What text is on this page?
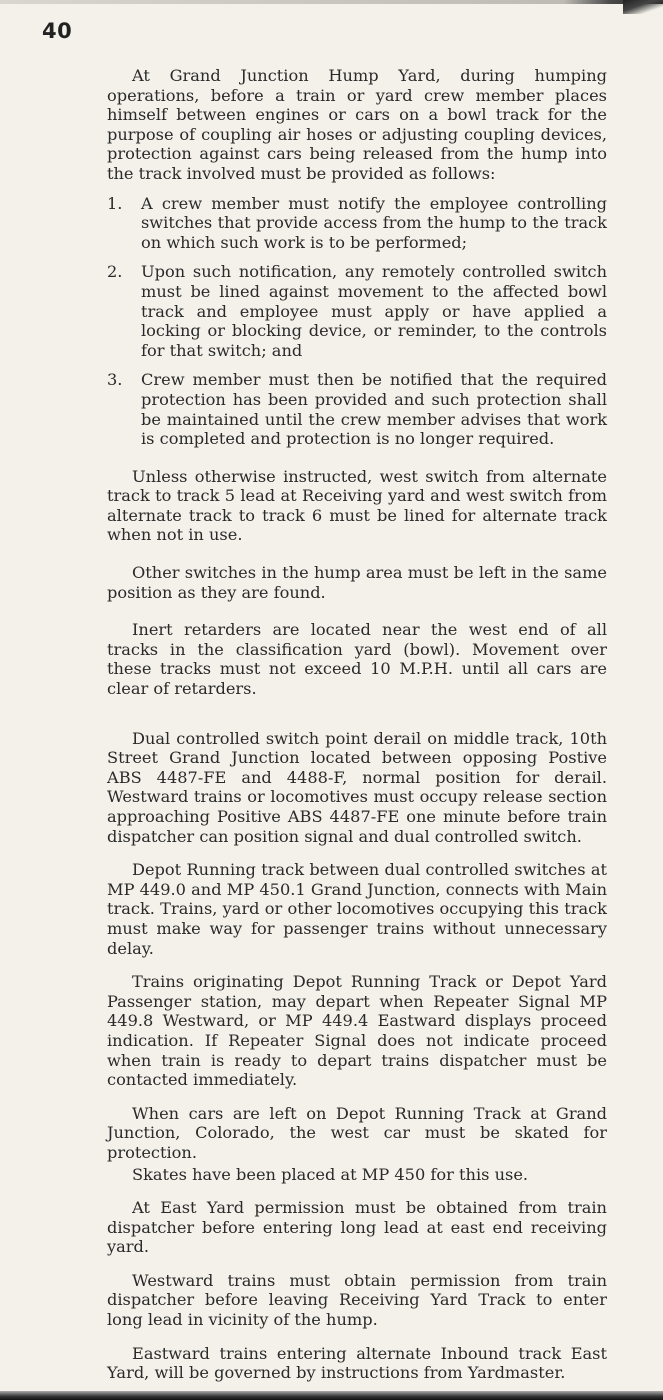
40

At Grand Junction Hump Yard, during humping operations, before a train or yard crew member places himself between engines or cars on a bowl track for the purpose of coupling air hoses or adjusting coupling devices, protection against cars being released from the hump into the track involved must be provided as follows:

1. A crew member must notify the employee controlling switches that provide access from the hump to the track on which such work is to be performed;
2. Upon such notification, any remotely controlled switch must be lined against movement to the affected bowl track and employee must apply or have applied a locking or blocking device, or reminder, to the controls for that switch; and
3. Crew member must then be notified that the required protection has been provided and such protection shall be maintained until the crew member advises that work is completed and protection is no longer required.

Unless otherwise instructed, west switch from alternate track to track 5 lead at Receiving yard and west switch from alternate track to track 6 must be lined for alternate track when not in use.

Other switches in the hump area must be left in the same position as they are found.

Inert retarders are located near the west end of all tracks in the classification yard (bowl). Movement over these tracks must not exceed 10 M.P.H. until all cars are clear of retarders.

Dual controlled switch point derail on middle track, 10th Street Grand Junction located between opposing Postive ABS 4487-FE and 4488-F, normal position for derail. Westward trains or locomotives must occupy release section approaching Positive ABS 4487-FE one minute before train dispatcher can position signal and dual controlled switch.

Depot Running track between dual controlled switches at MP 449.0 and MP 450.1 Grand Junction, connects with Main track. Trains, yard or other locomotives occupying this track must make way for passenger trains without unnecessary delay.

Trains originating Depot Running Track or Depot Yard Passenger station, may depart when Repeater Signal MP 449.8 Westward, or MP 449.4 Eastward displays proceed indication. If Repeater Signal does not indicate proceed when train is ready to depart trains dispatcher must be contacted immediately.

When cars are left on Depot Running Track at Grand Junction, Colorado, the west car must be skated for protection.

Skates have been placed at MP 450 for this use.

At East Yard permission must be obtained from train dispatcher before entering long lead at east end receiving yard.

Westward trains must obtain permission from train dispatcher before leaving Receiving Yard Track to enter long lead in vicinity of the hump.

Eastward trains entering alternate Inbound track East Yard, will be governed by instructions from Yardmaster.
